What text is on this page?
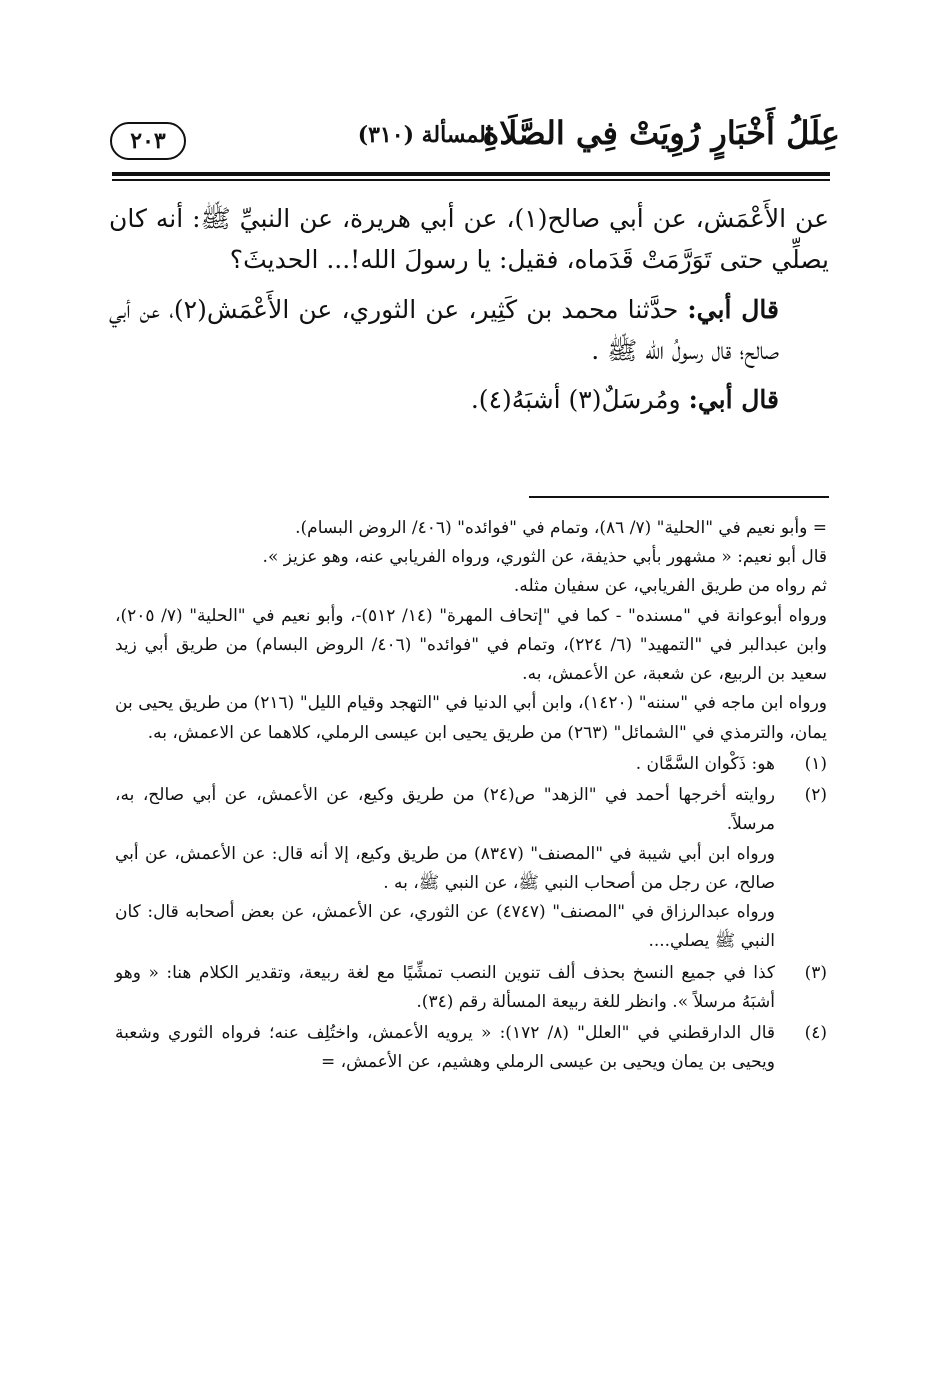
عِلَلُ أَخْبَارٍ رُوِيَتْ فِي الصَّلَاةِ
المسألة (٣١٠)
٢٠٣

عن الأَعْمَش، عن أبي صالح(١)، عن أبي هريرة، عن النبيِّ ﷺ: أنه كان يصلِّي حتى تَوَرَّمَتْ قَدَماه، فقيل: يا رسولَ الله!... الحديثَ؟

قال أبي: حدَّثنا محمد بن كَثِير، عن الثوري، عن الأَعْمَش(٢)، عن أبي صالح؛ قال رسولُ الله ﷺ .

قال أبي: ومُرسَلٌ(٣) أشبَهُ(٤).

= وأبو نعيم في "الحلية" (٧/ ٨٦)، وتمام في "فوائده" (٤٠٦/ الروض البسام).

قال أبو نعيم: « مشهور بأبي حذيفة، عن الثوري، ورواه الفريابي عنه، وهو عزيز ».

ثم رواه من طريق الفريابي، عن سفيان مثله.

ورواه أبوعوانة في "مسنده" - كما في "إتحاف المهرة" (١٤/ ٥١٢)-، وأبو نعيم في "الحلية" (٧/ ٢٠٥)، وابن عبدالبر في "التمهيد" (٦/ ٢٢٤)، وتمام في "فوائده" (٤٠٦/ الروض البسام) من طريق أبي زيد سعيد بن الربيع، عن شعبة، عن الأعمش، به.

ورواه ابن ماجه في "سننه" (١٤٢٠)، وابن أبي الدنيا في "التهجد وقيام الليل" (٢١٦) من طريق يحيى بن يمان، والترمذي في "الشمائل" (٢٦٣) من طريق يحيى ابن عيسى الرملي، كلاهما عن الاعمش، به.

(١)

هو: ذَكْوان السَّمَّان .

(٢)

روايته أخرجها أحمد في "الزهد" ص(٢٤) من طريق وكيع، عن الأعمش، عن أبي صالح، به، مرسلاً.

ورواه ابن أبي شيبة في "المصنف" (٨٣٤٧) من طريق وكيع، إلا أنه قال: عن الأعمش، عن أبي صالح، عن رجل من أصحاب النبي ﷺ، عن النبي ﷺ، به .

ورواه عبدالرزاق في "المصنف" (٤٧٤٧) عن الثوري، عن الأعمش، عن بعض أصحابه قال: كان النبي ﷺ يصلي....

(٣)

كذا في جميع النسخ بحذف ألف تنوين النصب تمشِّيًا مع لغة ربيعة، وتقدير الكلام هنا: « وهو أشبَهُ مرسلاً ». وانظر للغة ربيعة المسألة رقم (٣٤).

(٤)

قال الدارقطني في "العلل" (٨/ ١٧٢): « يرويه الأعمش، واختُلِف عنه؛ فرواه الثوري وشعبة ويحيى بن يمان ويحيى بن عيسى الرملي وهشيم، عن الأعمش، =
